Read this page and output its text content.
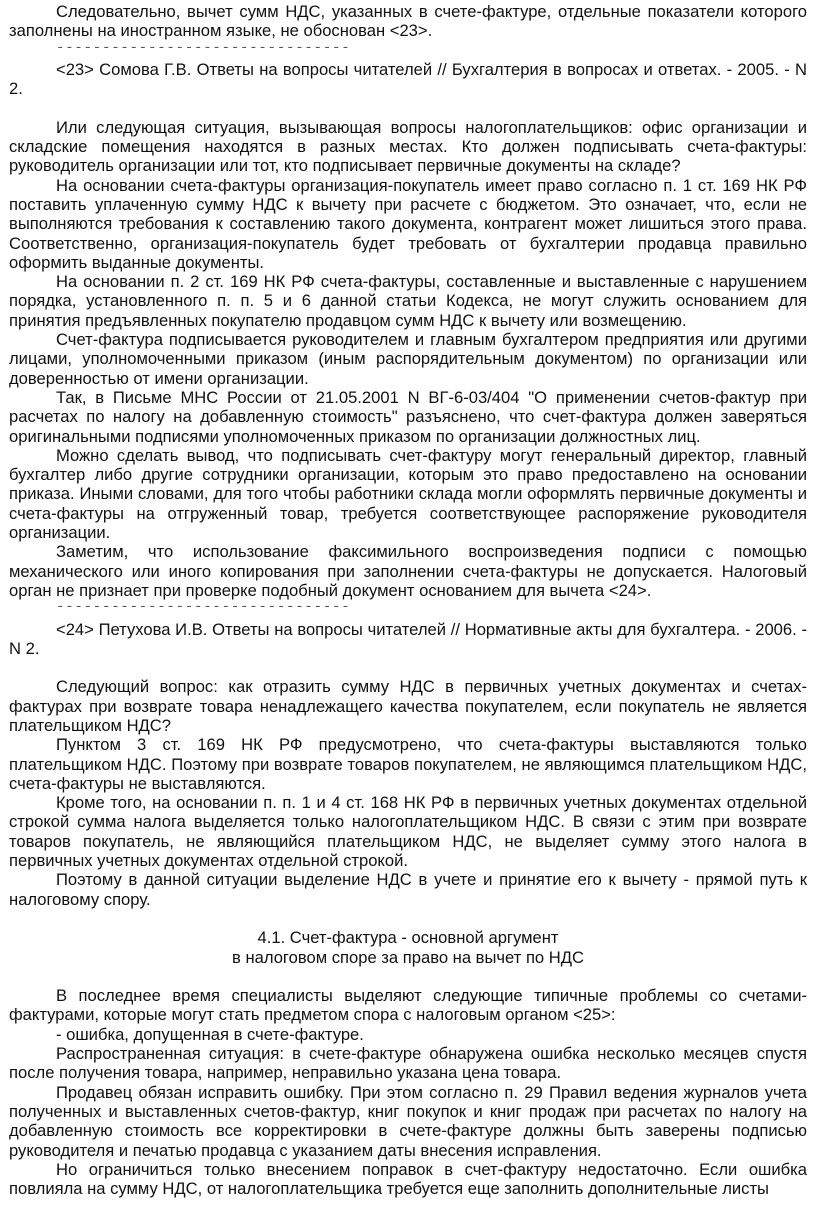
Следовательно, вычет сумм НДС, указанных в счете-фактуре, отдельные показатели которого заполнены на иностранном языке, не обоснован <23>.

--------------------------------

<23> Сомова Г.В. Ответы на вопросы читателей // Бухгалтерия в вопросах и ответах. - 2005. - N 2.

Или следующая ситуация, вызывающая вопросы налогоплательщиков: офис организации и складские помещения находятся в разных местах. Кто должен подписывать счета-фактуры: руководитель организации или тот, кто подписывает первичные документы на складе?

На основании счета-фактуры организация-покупатель имеет право согласно п. 1 ст. 169 НК РФ поставить уплаченную сумму НДС к вычету при расчете с бюджетом. Это означает, что, если не выполняются требования к составлению такого документа, контрагент может лишиться этого права. Соответственно, организация-покупатель будет требовать от бухгалтерии продавца правильно оформить выданные документы.

На основании п. 2 ст. 169 НК РФ счета-фактуры, составленные и выставленные с нарушением порядка, установленного п. п. 5 и 6 данной статьи Кодекса, не могут служить основанием для принятия предъявленных покупателю продавцом сумм НДС к вычету или возмещению.

Счет-фактура подписывается руководителем и главным бухгалтером предприятия или другими лицами, уполномоченными приказом (иным распорядительным документом) по организации или доверенностью от имени организации.

Так, в Письме МНС России от 21.05.2001 N ВГ-6-03/404 "О применении счетов-фактур при расчетах по налогу на добавленную стоимость" разъяснено, что счет-фактура должен заверяться оригинальными подписями уполномоченных приказом по организации должностных лиц.

Можно сделать вывод, что подписывать счет-фактуру могут генеральный директор, главный бухгалтер либо другие сотрудники организации, которым это право предоставлено на основании приказа. Иными словами, для того чтобы работники склада могли оформлять первичные документы и счета-фактуры на отгруженный товар, требуется соответствующее распоряжение руководителя организации.

Заметим, что использование факсимильного воспроизведения подписи с помощью механического или иного копирования при заполнении счета-фактуры не допускается. Налоговый орган не признает при проверке подобный документ основанием для вычета <24>.

--------------------------------

<24> Петухова И.В. Ответы на вопросы читателей // Нормативные акты для бухгалтера. - 2006. - N 2.

Следующий вопрос: как отразить сумму НДС в первичных учетных документах и счетах-фактурах при возврате товара ненадлежащего качества покупателем, если покупатель не является плательщиком НДС?

Пунктом 3 ст. 169 НК РФ предусмотрено, что счета-фактуры выставляются только плательщиком НДС. Поэтому при возврате товаров покупателем, не являющимся плательщиком НДС, счета-фактуры не выставляются.

Кроме того, на основании п. п. 1 и 4 ст. 168 НК РФ в первичных учетных документах отдельной строкой сумма налога выделяется только налогоплательщиком НДС. В связи с этим при возврате товаров покупатель, не являющийся плательщиком НДС, не выделяет сумму этого налога в первичных учетных документах отдельной строкой.

Поэтому в данной ситуации выделение НДС в учете и принятие его к вычету - прямой путь к налоговому спору.

4.1. Счет-фактура - основной аргумент

в налоговом споре за право на вычет по НДС

В последнее время специалисты выделяют следующие типичные проблемы со счетами-фактурами, которые могут стать предметом спора с налоговым органом <25>:

- ошибка, допущенная в счете-фактуре.

Распространенная ситуация: в счете-фактуре обнаружена ошибка несколько месяцев спустя после получения товара, например, неправильно указана цена товара.

Продавец обязан исправить ошибку. При этом согласно п. 29 Правил ведения журналов учета полученных и выставленных счетов-фактур, книг покупок и книг продаж при расчетах по налогу на добавленную стоимость все корректировки в счете-фактуре должны быть заверены подписью руководителя и печатью продавца с указанием даты внесения исправления.

Но ограничиться только внесением поправок в счет-фактуру недостаточно. Если ошибка повлияла на сумму НДС, от налогоплательщика требуется еще заполнить дополнительные листы
